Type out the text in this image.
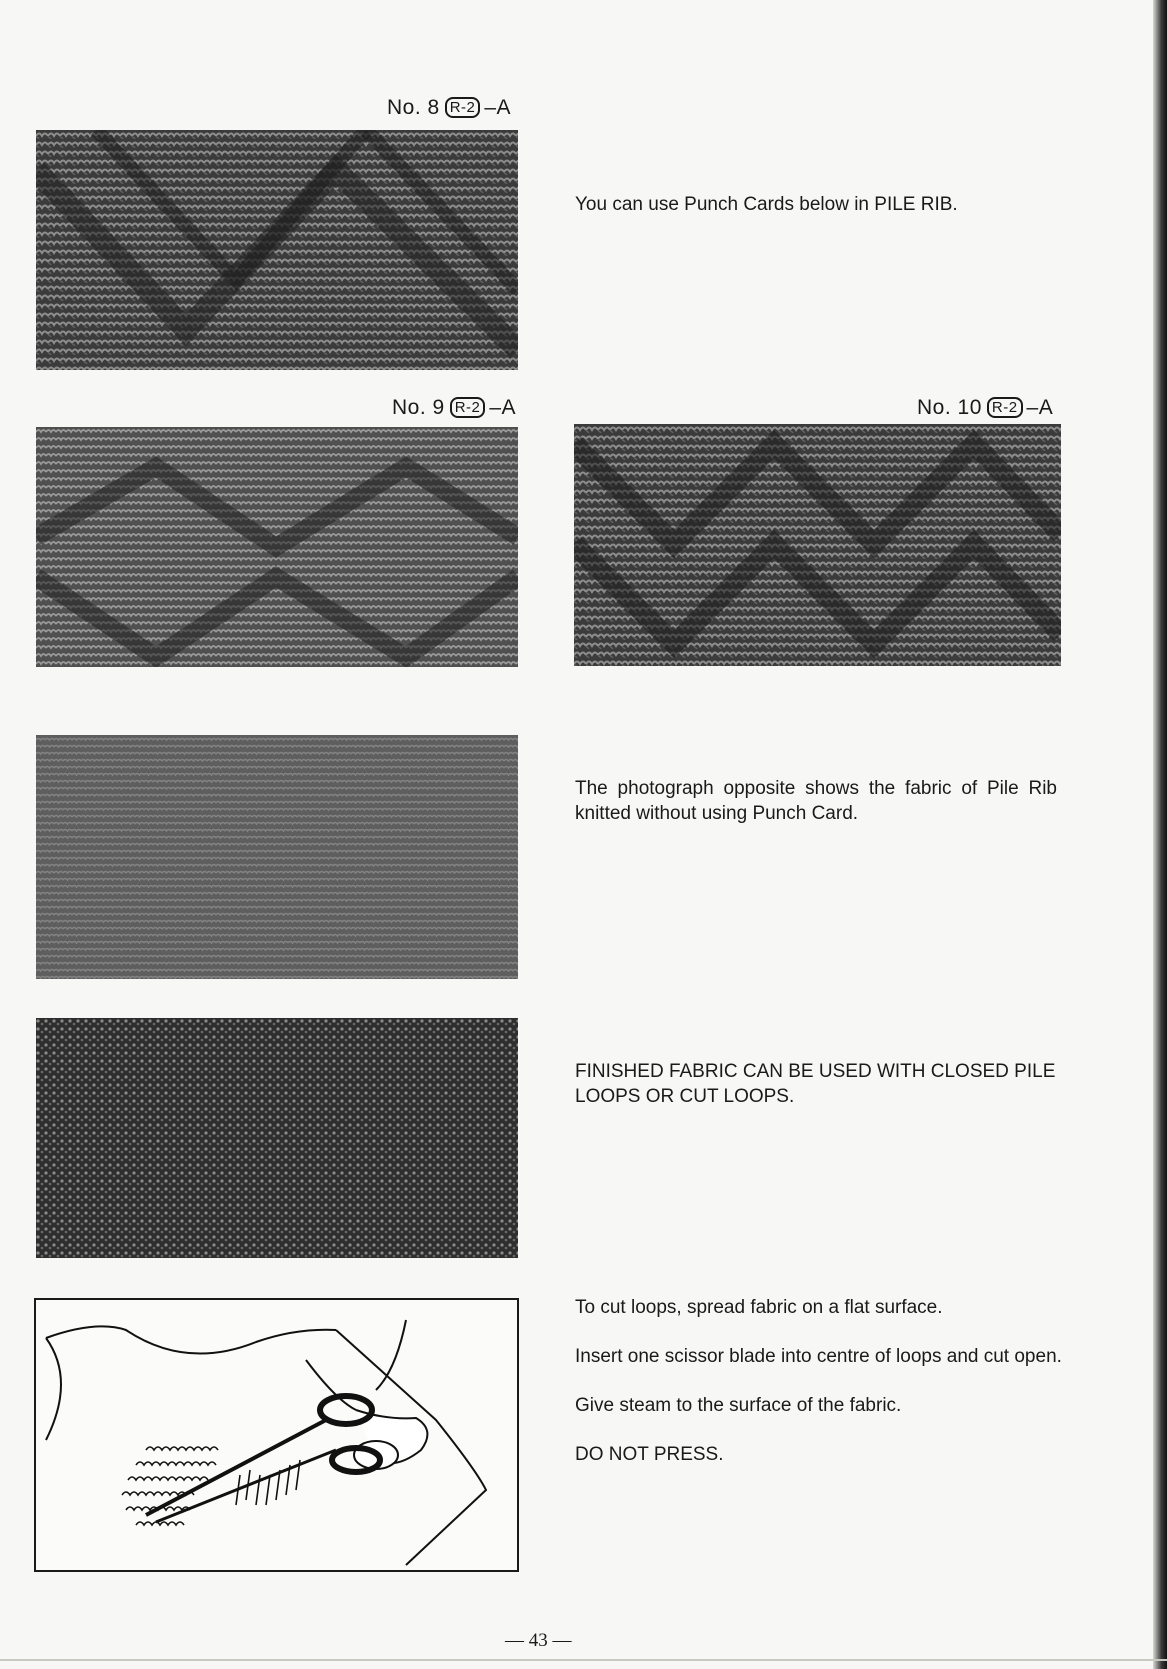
No. 8 R-2 –A
You can use Punch Cards below in PILE RIB.
No. 9 R-2 –A	No. 10 R-2 –A
The photograph opposite shows the fabric of Pile Rib knitted without using Punch Card.
FINISHED FABRIC CAN BE USED WITH CLOSED PILE LOOPS OR CUT LOOPS.
To cut loops, spread fabric on a flat surface.
Insert one scissor blade into centre of loops and cut open.
Give steam to the surface of the fabric.
DO NOT PRESS.
— 43 —
